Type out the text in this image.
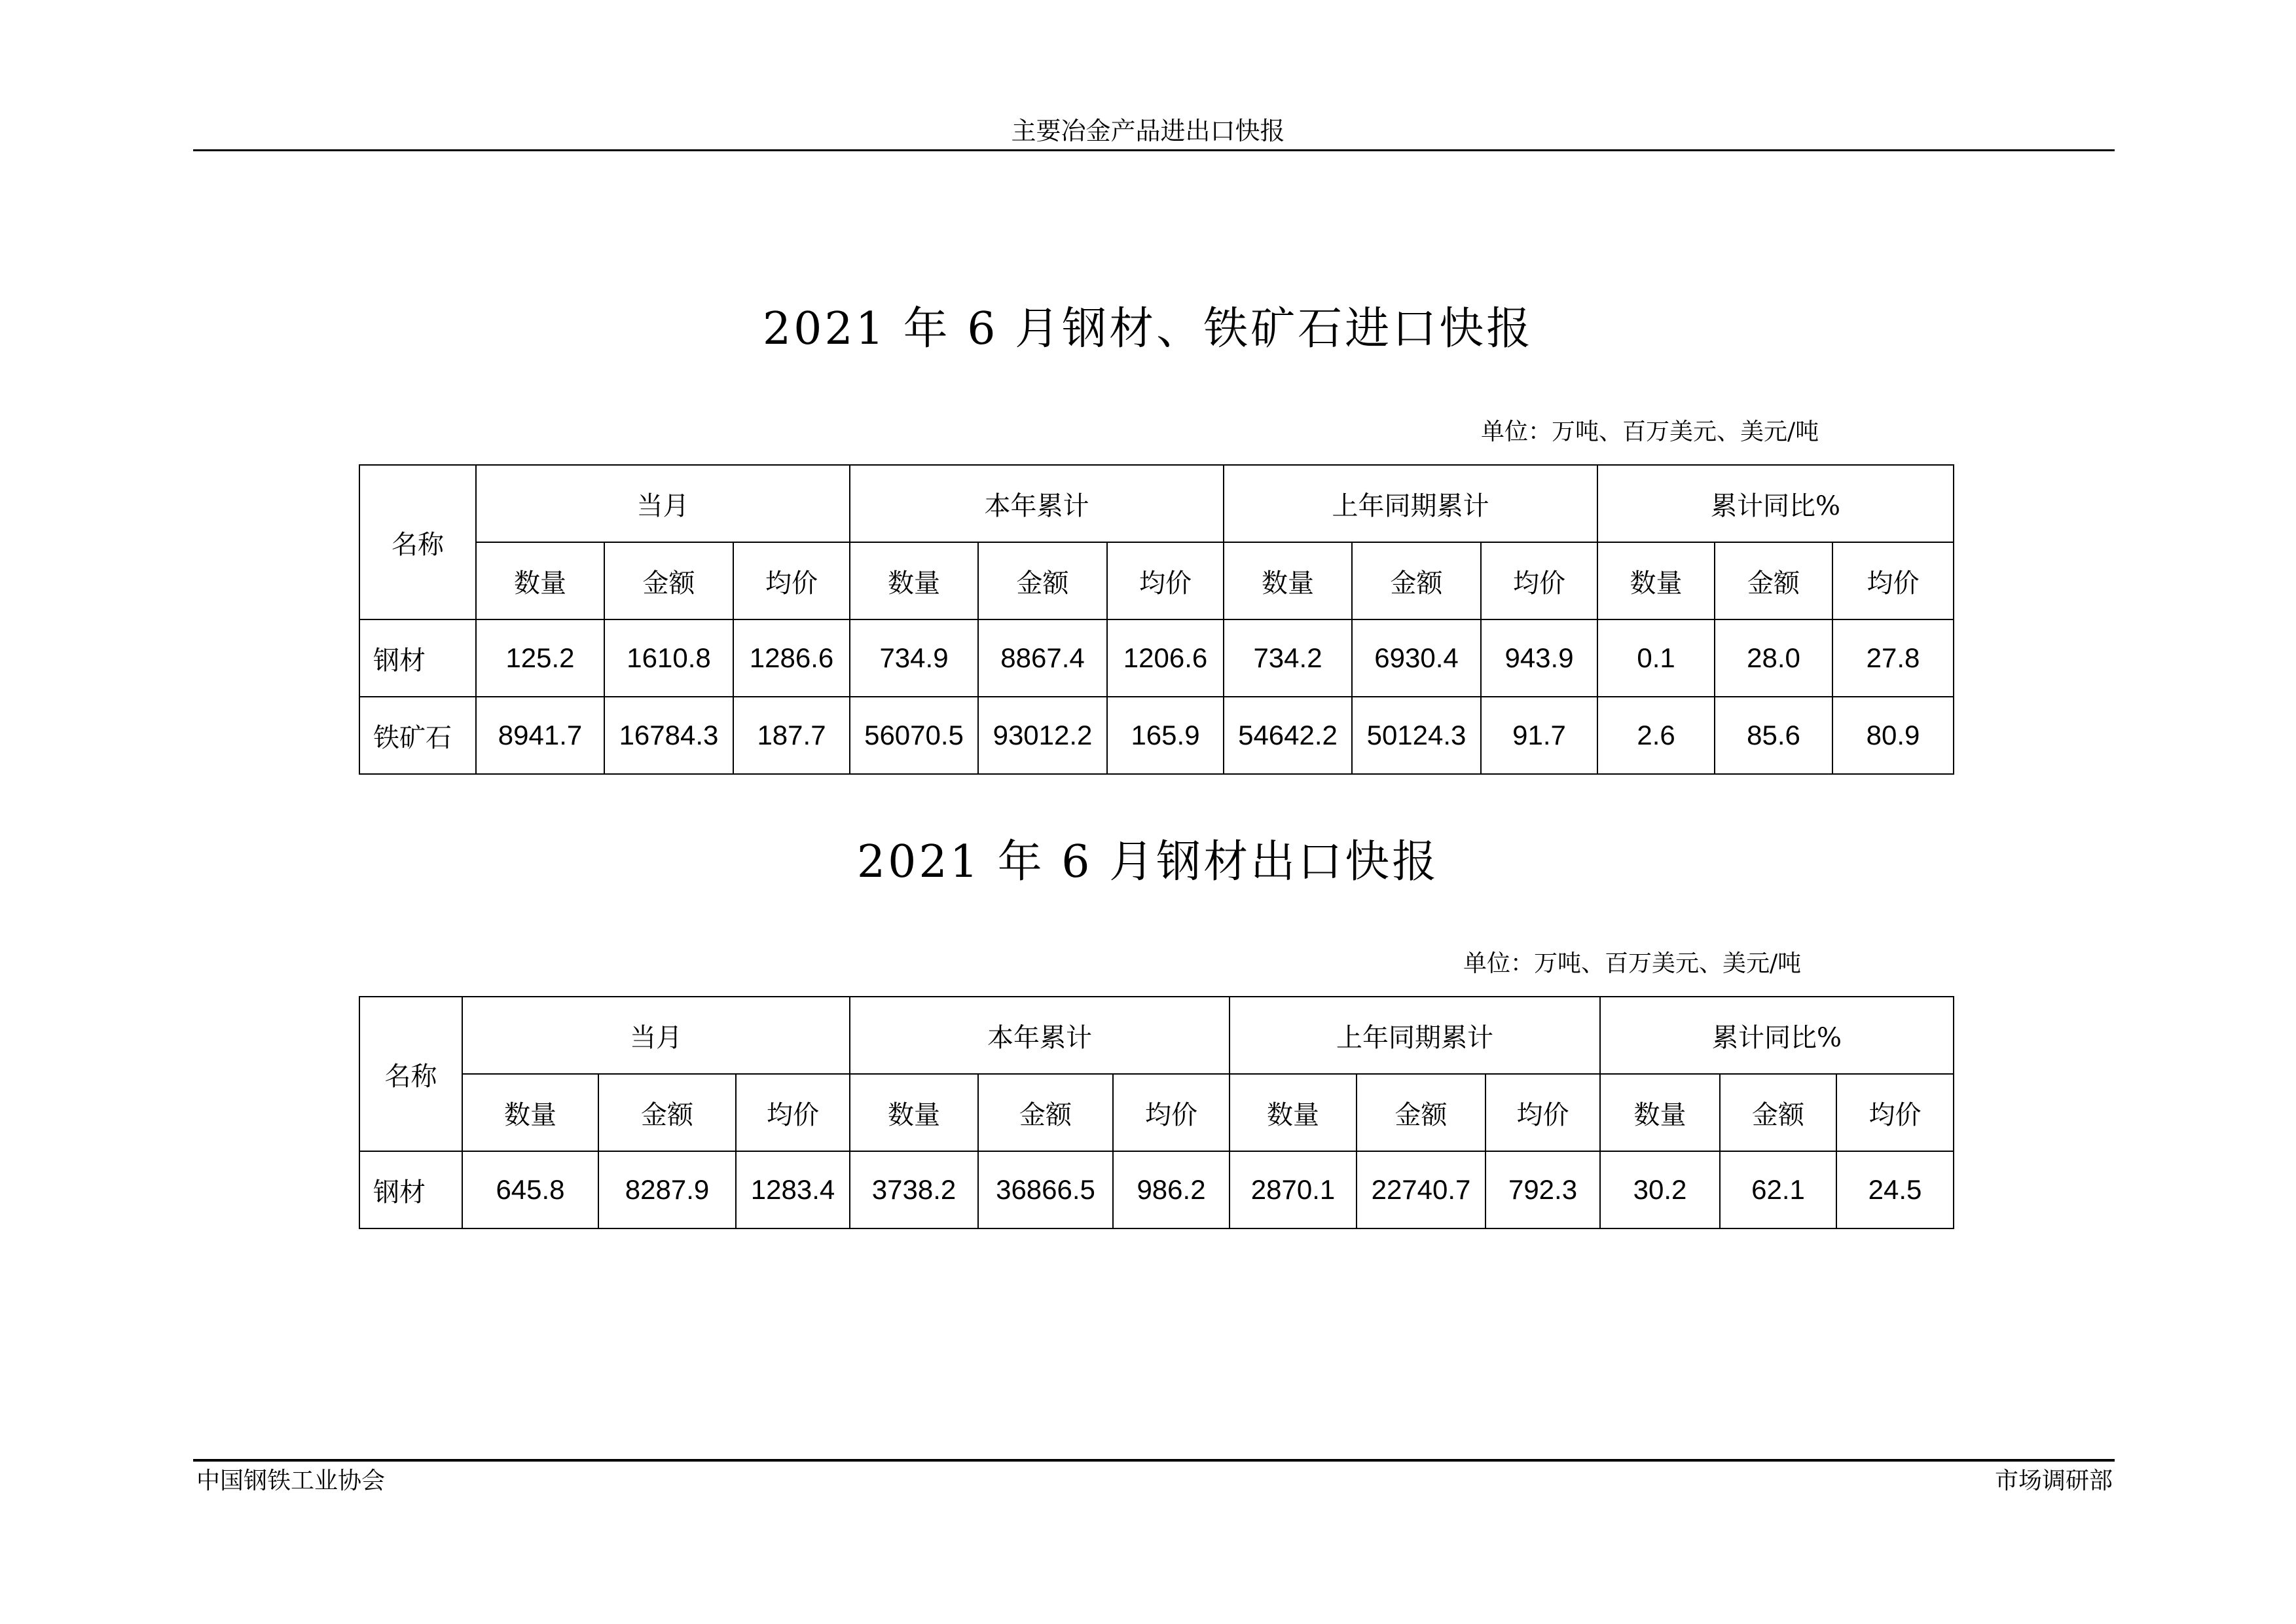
主要冶金产品进出口快报
2021 年 6 月钢材、铁矿石进口快报
单位：万吨、百万美元、美元/吨
名称	当月			本年累计			上年同期累计			累计同比%		
	数量	金额	均价	数量	金额	均价	数量	金额	均价	数量	金额	均价
钢材	125.2	1610.8	1286.6	734.9	8867.4	1206.6	734.2	6930.4	943.9	0.1	28.0	27.8
铁矿石	8941.7	16784.3	187.7	56070.5	93012.2	165.9	54642.2	50124.3	91.7	2.6	85.6	80.9
2021 年 6 月钢材出口快报
单位：万吨、百万美元、美元/吨
名称	当月			本年累计			上年同期累计			累计同比%		
	数量	金额	均价	数量	金额	均价	数量	金额	均价	数量	金额	均价
钢材	645.8	8287.9	1283.4	3738.2	36866.5	986.2	2870.1	22740.7	792.3	30.2	62.1	24.5
中国钢铁工业协会	市场调研部
